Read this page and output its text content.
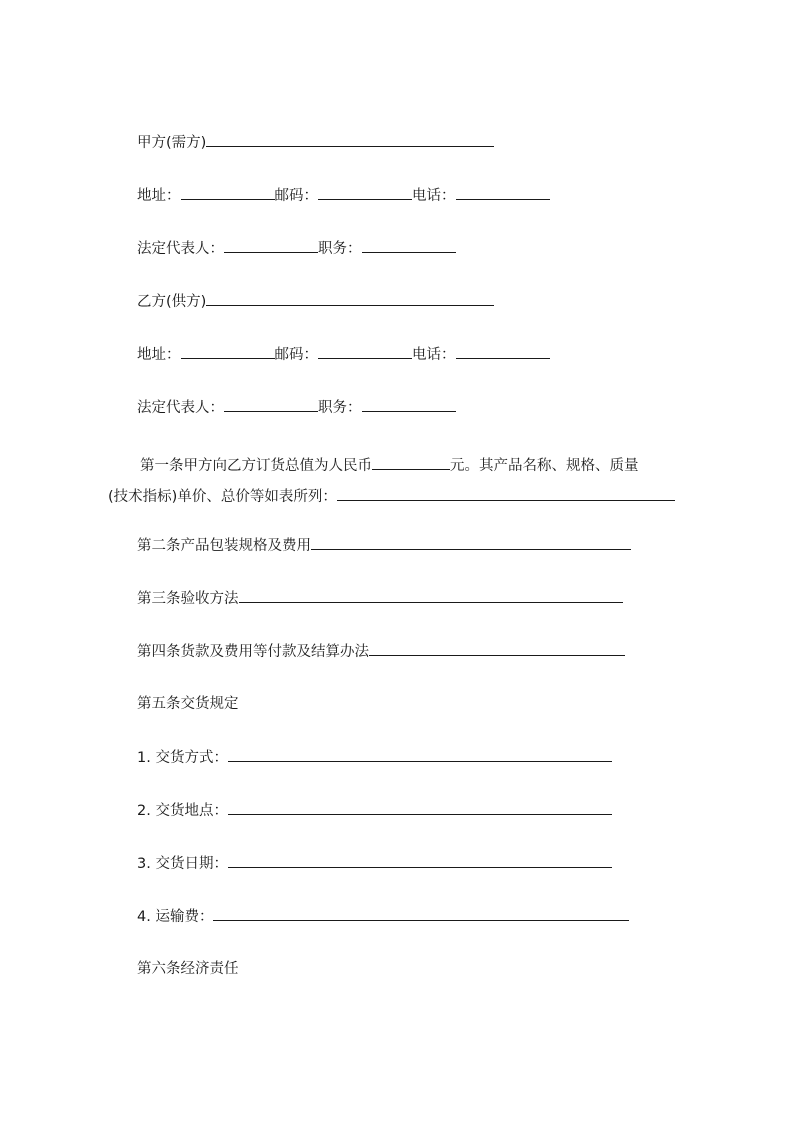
甲方(需方)
地址：	邮码：	电话：
法定代表人：	职务：
乙方(供方)
地址：	邮码：	电话：
法定代表人：	职务：
第一条甲方向乙方订货总值为人民币	元。其产品名称、规格、质量
(技术指标)单价、总价等如表所列：
第二条产品包装规格及费用
第三条验收方法
第四条货款及费用等付款及结算办法
第五条交货规定
1. 交货方式：
2. 交货地点：
3. 交货日期：
4. 运输费：
第六条经济责任
